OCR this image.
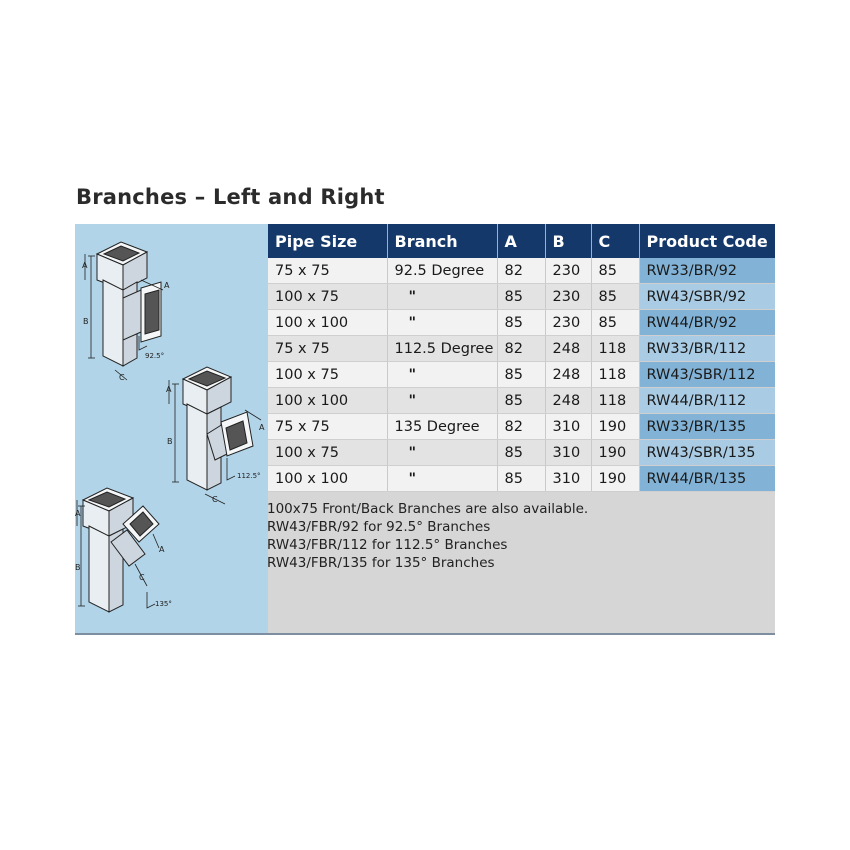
Branches – Left and Right
A
A
B
C
92.5°
A
A
B
C
112.5°
A
A
B
C
135°
Pipe Size	Branch	A	B	C	Product Code
75 x 75	92.5 Degree	82	230	85	RW33/BR/92
100 x 75	"	85	230	85	RW43/SBR/92
100 x 100	"	85	230	85	RW44/BR/92
75 x 75	112.5 Degree	82	248	118	RW33/BR/112
100 x 75	"	85	248	118	RW43/SBR/112
100 x 100	"	85	248	118	RW44/BR/112
75 x 75	135 Degree	82	310	190	RW33/BR/135
100 x 75	"	85	310	190	RW43/SBR/135
100 x 100	"	85	310	190	RW44/BR/135
100x75 Front/Back Branches are also available.
RW43/FBR/92 for 92.5° Branches
RW43/FBR/112 for 112.5° Branches
RW43/FBR/135 for 135° Branches
